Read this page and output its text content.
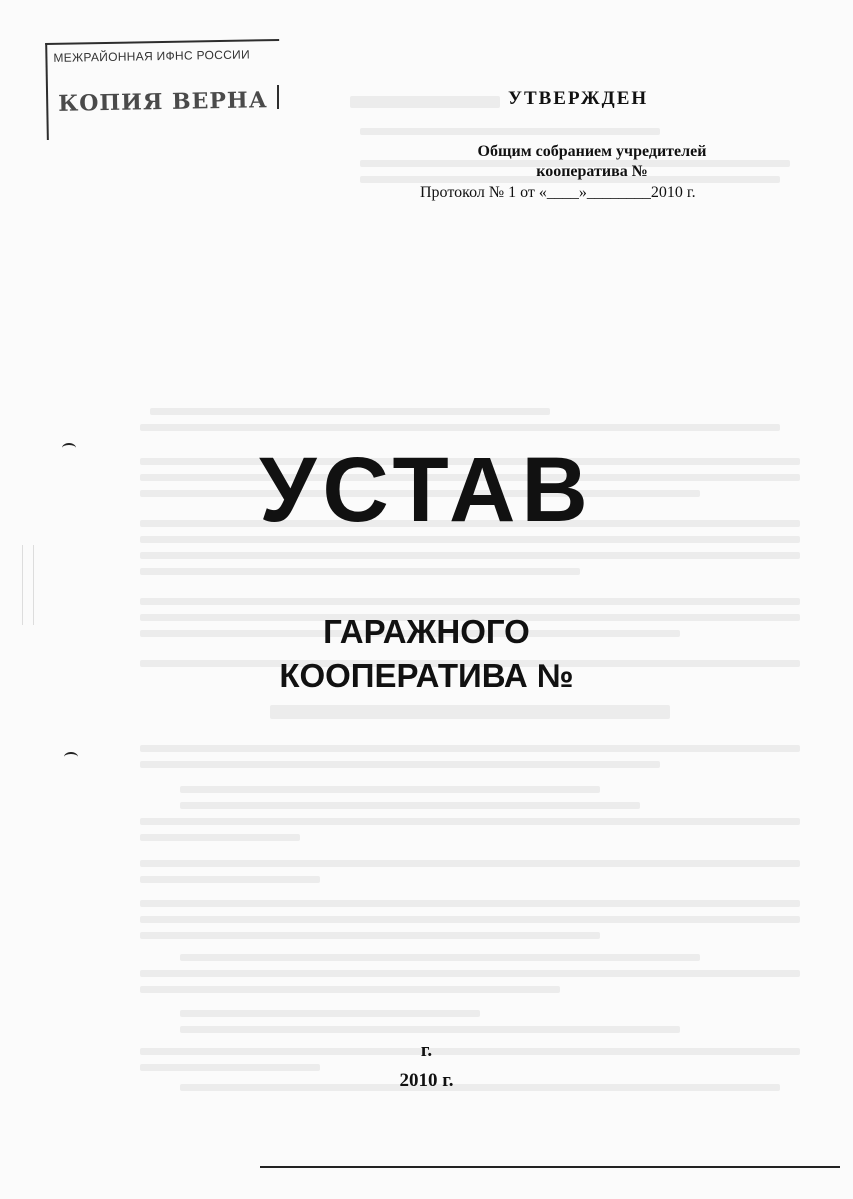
МЕЖРАЙОННАЯ ИФНС РОССИИ
КОПИЯ ВЕРНА	УТВЕРЖДЕН
Общим собранием учредителей
кооператива №
Протокол № 1 от «____»________2010 г.
УСТАВ
ГАРАЖНОГО
КООПЕРАТИВА №
г.
2010 г.
